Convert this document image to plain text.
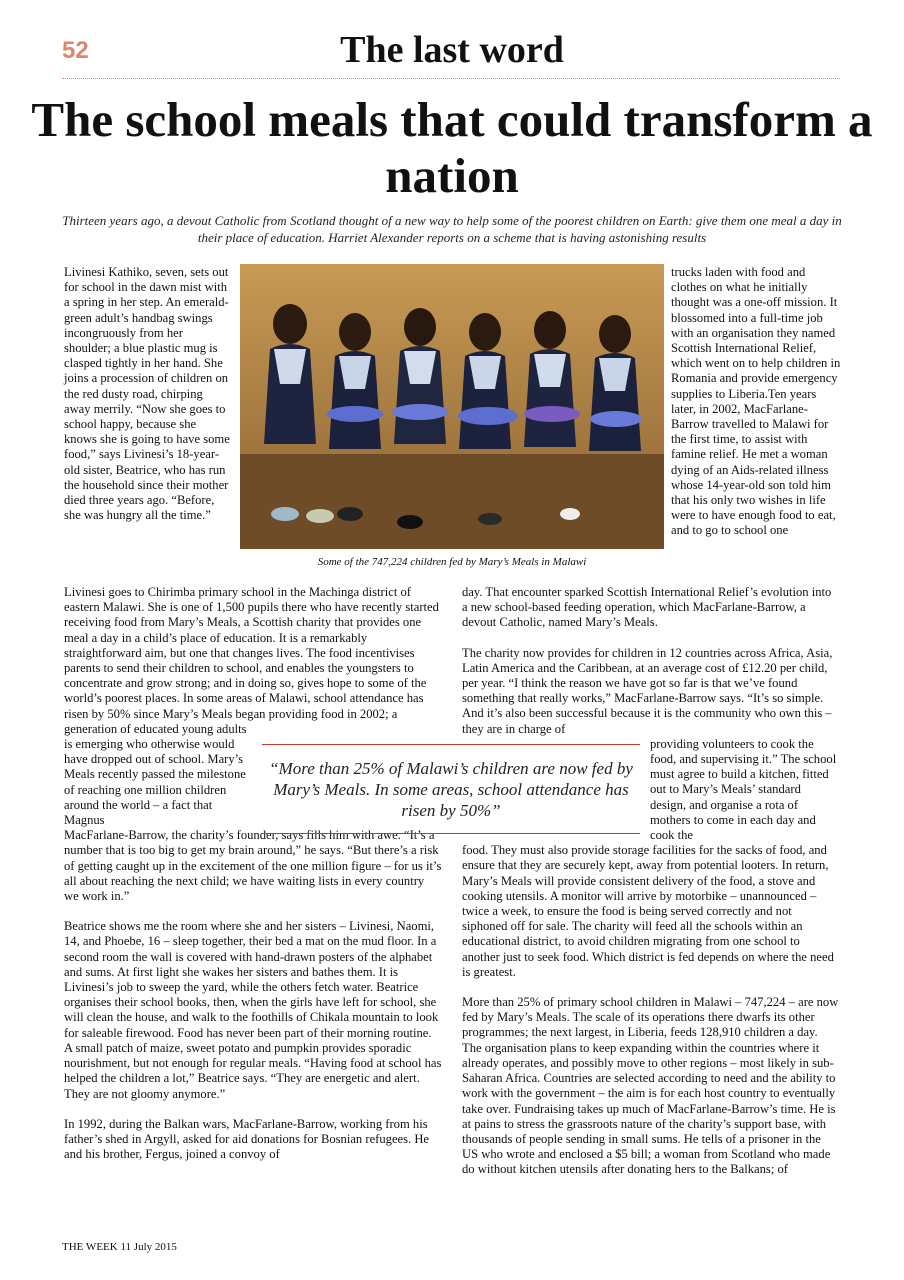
52	The last word
The school meals that could transform a nation
Thirteen years ago, a devout Catholic from Scotland thought of a new way to help some of the poorest children on Earth: give them one meal a day in their place of education. Harriet Alexander reports on a scheme that is having astonishing results

Livinesi Kathiko, seven, sets out for school in the dawn mist with a spring in her step. An emerald-green adult’s handbag swings incongruously from her shoulder; a blue plastic mug is clasped tightly in her hand. She joins a procession of children on the red dusty road, chirping away merrily. “Now she goes to school happy, because she knows she is going to have some food,” says Livinesi’s 18-year-old sister, Beatrice, who has run the household since their mother died three years ago. “Before, she was hungry all the time.”

Some of the 747,224 children fed by Mary’s Meals in Malawi

trucks laden with food and clothes on what he initially thought was a one-off mission. It blossomed into a full-time job with an organisation they named Scottish International Relief, which went on to help children in Romania and provide emergency supplies to Liberia.Ten years later, in 2002, MacFarlane-Barrow travelled to Malawi for the first time, to assist with famine relief. He met a woman dying of an Aids-related illness whose 14-year-old son told him that his only two wishes in life were to have enough food to eat, and to go to school one

Livinesi goes to Chirimba primary school in the Machinga district of eastern Malawi. She is one of 1,500 pupils there who have recently started receiving food from Mary’s Meals, a Scottish charity that provides one meal a day in a child’s place of education. It is a remarkably straightforward aim, but one that changes lives. The food incentivises parents to send their children to school, and enables the youngsters to concentrate and grow strong; and in doing so, gives hope to some of the world’s poorest places. In some areas of Malawi, school attendance has risen by 50% since Mary’s Meals began providing food in 2002; a

generation of educated young adults is emerging who otherwise would have dropped out of school. Mary’s Meals recently passed the milestone of reaching one million children around the world – a fact that Magnus

MacFarlane-Barrow, the charity’s founder, says fills him with awe. “It’s a number that is too big to get my brain around,” he says. “But there’s a risk of getting caught up in the excitement of the one million figure – for us it’s all about reaching the next child; we have waiting lists in every country we work in.”

Beatrice shows me the room where she and her sisters – Livinesi, Naomi, 14, and Phoebe, 16 – sleep together, their bed a mat on the mud floor. In a second room the wall is covered with hand-drawn posters of the alphabet and sums. At first light she wakes her sisters and bathes them. It is Livinesi’s job to sweep the yard, while the others fetch water. Beatrice organises their school books, then, when the girls have left for school, she will clean the house, and walk to the foothills of Chikala mountain to look for saleable firewood. Food has never been part of their morning routine. A small patch of maize, sweet potato and pumpkin provides sporadic nourishment, but not enough for regular meals. “Having food at school has helped the children a lot,” Beatrice says. “They are energetic and alert. They are not gloomy anymore.”

In 1992, during the Balkan wars, MacFarlane-Barrow, working from his father’s shed in Argyll, asked for aid donations for Bosnian refugees. He and his brother, Fergus, joined a convoy of

day. That encounter sparked Scottish International Relief’s evolution into a new school-based feeding operation, which MacFarlane-Barrow, a devout Catholic, named Mary’s Meals.

The charity now provides for children in 12 countries across Africa, Asia, Latin America and the Caribbean, at an average cost of £12.20 per child, per year. “I think the reason we have got so far is that we’ve found something that really works,” MacFarlane-Barrow says. “It’s so simple. And it’s also been successful because it is the community who own this – they are in charge of

providing volunteers to cook the food, and supervising it.” The school must agree to build a kitchen, fitted out to Mary’s Meals’ standard design, and organise a rota of mothers to come in each day and cook the

food. They must also provide storage facilities for the sacks of food, and ensure that they are securely kept, away from potential looters. In return, Mary’s Meals will provide consistent delivery of the food, a stove and cooking utensils. A monitor will arrive by motorbike – unannounced – twice a week, to ensure the food is being served correctly and not siphoned off for sale. The charity will feed all the schools within an educational district, to avoid children migrating from one school to another just to seek food. Which district is fed depends on where the need is greatest.

More than 25% of primary school children in Malawi – 747,224 – are now fed by Mary’s Meals. The scale of its operations there dwarfs its other programmes; the next largest, in Liberia, feeds 128,910 children a day. The organisation plans to keep expanding within the countries where it already operates, and possibly move to other regions – most likely in sub-Saharan Africa. Countries are selected according to need and the ability to work with the government – the aim is for each host country to eventually take over. Fundraising takes up much of MacFarlane-Barrow’s time. He is at pains to stress the grassroots nature of the charity’s support base, with thousands of people sending in small sums. He tells of a prisoner in the US who wrote and enclosed a $5 bill; a woman from Scotland who made do without kitchen utensils after donating hers to the Balkans; of

“More than 25% of Malawi’s children are now fed by Mary’s Meals. In some areas, school attendance has risen by 50%”
THE WEEK 11 July 2015
